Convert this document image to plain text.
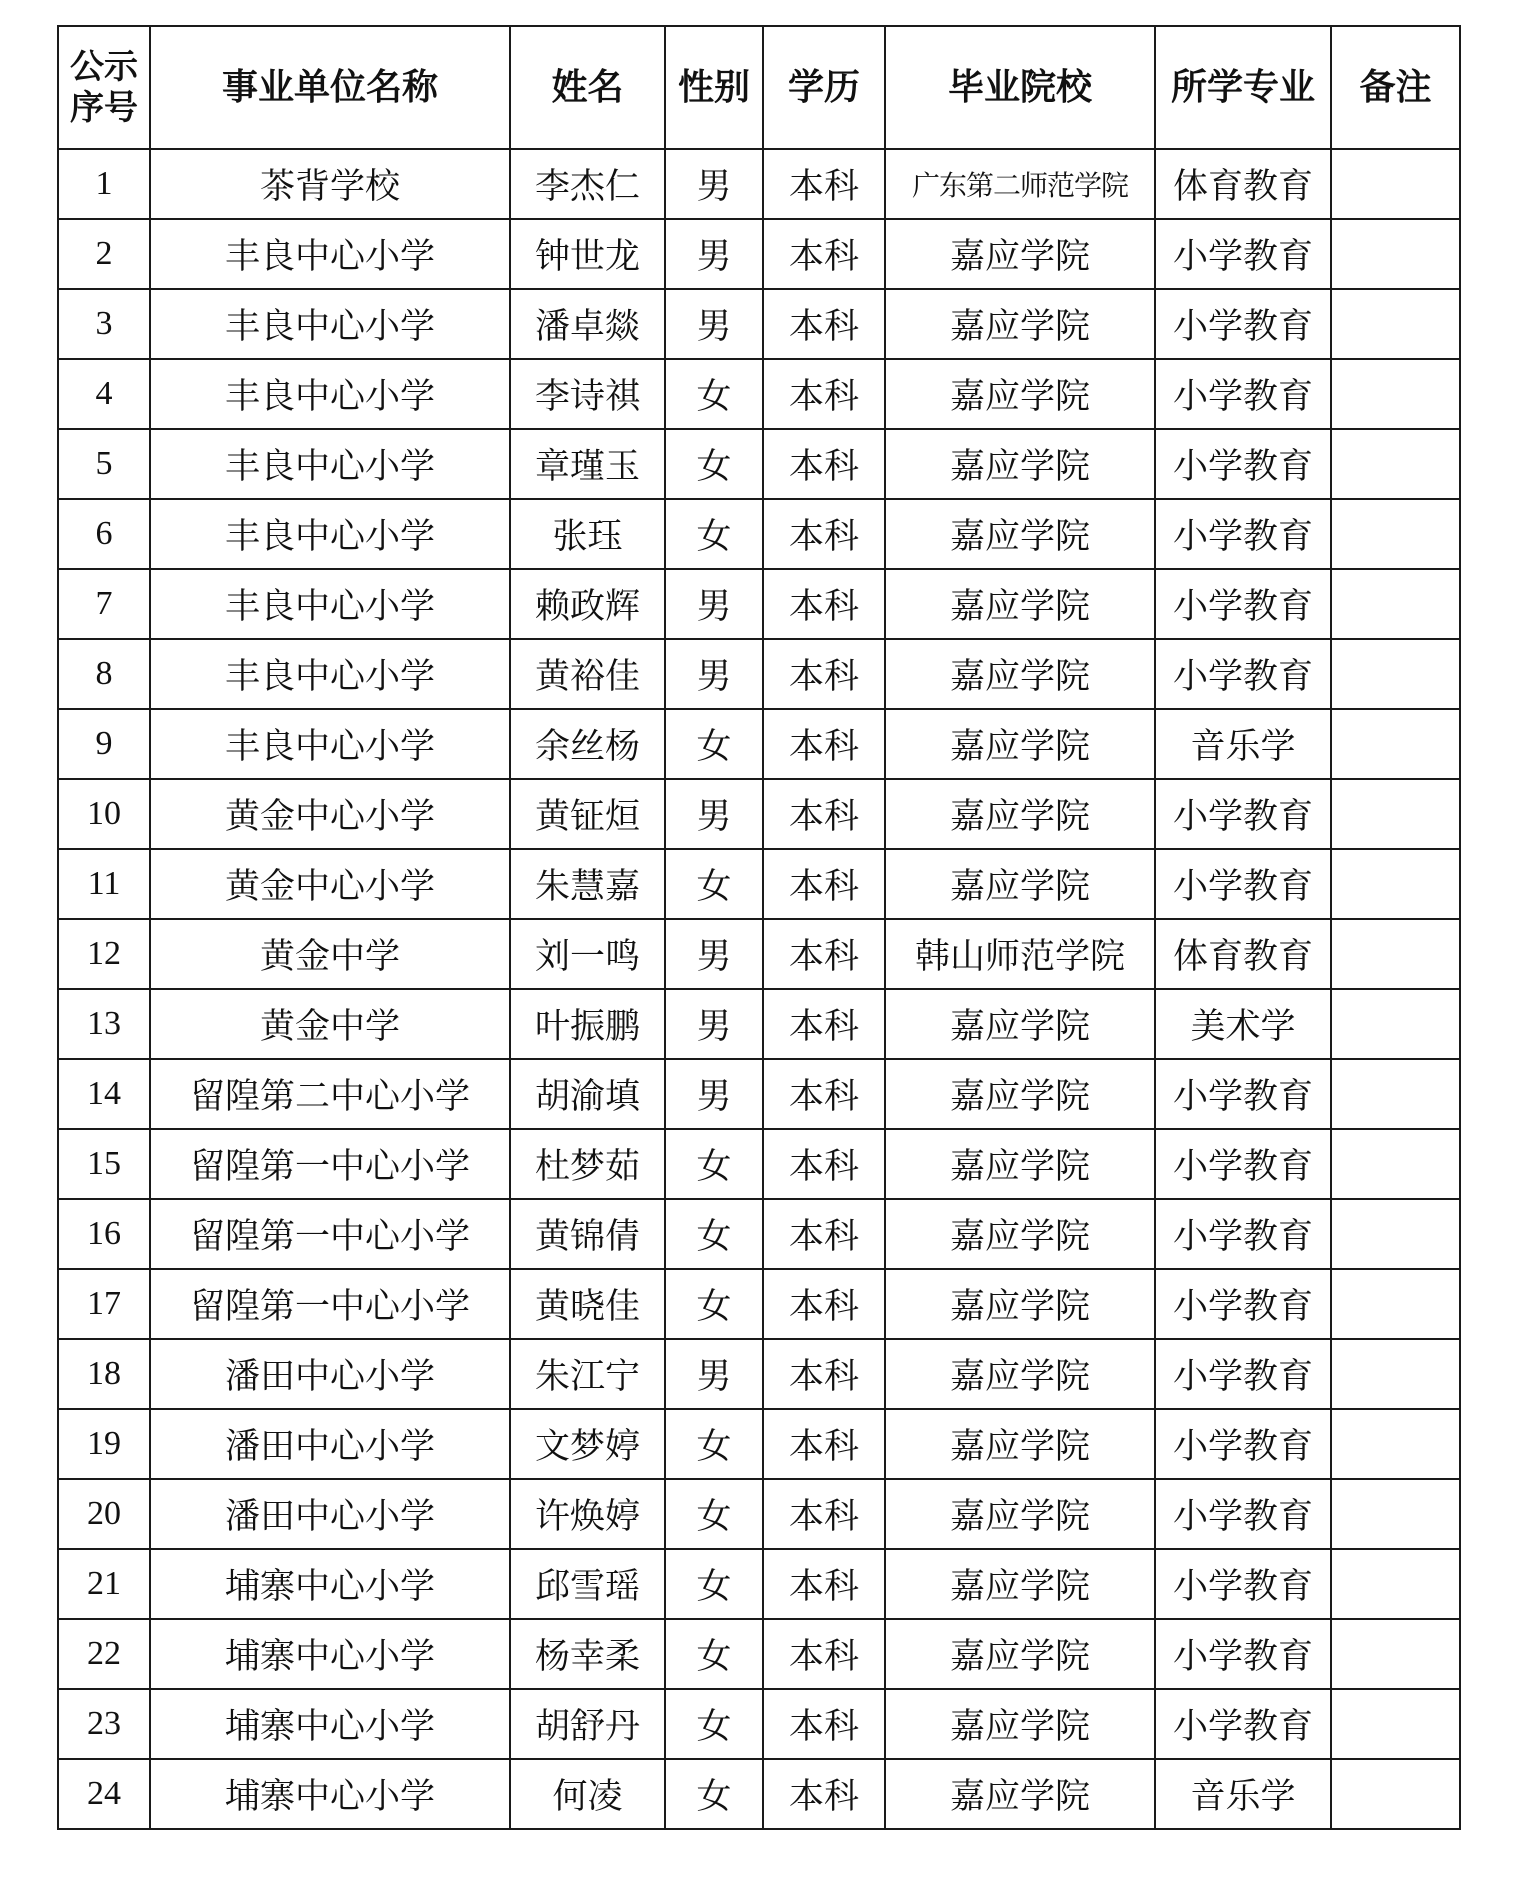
公示
序号	事业单位名称	姓名	性别	学历	毕业院校	所学专业	备注
1	茶背学校	李杰仁	男	本科	广东第二师范学院	体育教育	
2	丰良中心小学	钟世龙	男	本科	嘉应学院	小学教育	
3	丰良中心小学	潘卓燚	男	本科	嘉应学院	小学教育	
4	丰良中心小学	李诗祺	女	本科	嘉应学院	小学教育	
5	丰良中心小学	章瑾玉	女	本科	嘉应学院	小学教育	
6	丰良中心小学	张珏	女	本科	嘉应学院	小学教育	
7	丰良中心小学	赖政辉	男	本科	嘉应学院	小学教育	
8	丰良中心小学	黄裕佳	男	本科	嘉应学院	小学教育	
9	丰良中心小学	余丝杨	女	本科	嘉应学院	音乐学	
10	黄金中心小学	黄钲烜	男	本科	嘉应学院	小学教育	
11	黄金中心小学	朱慧嘉	女	本科	嘉应学院	小学教育	
12	黄金中学	刘一鸣	男	本科	韩山师范学院	体育教育	
13	黄金中学	叶振鹏	男	本科	嘉应学院	美术学	
14	留隍第二中心小学	胡渝填	男	本科	嘉应学院	小学教育	
15	留隍第一中心小学	杜梦茹	女	本科	嘉应学院	小学教育	
16	留隍第一中心小学	黄锦倩	女	本科	嘉应学院	小学教育	
17	留隍第一中心小学	黄晓佳	女	本科	嘉应学院	小学教育	
18	潘田中心小学	朱江宁	男	本科	嘉应学院	小学教育	
19	潘田中心小学	文梦婷	女	本科	嘉应学院	小学教育	
20	潘田中心小学	许焕婷	女	本科	嘉应学院	小学教育	
21	埔寨中心小学	邱雪瑶	女	本科	嘉应学院	小学教育	
22	埔寨中心小学	杨幸柔	女	本科	嘉应学院	小学教育	
23	埔寨中心小学	胡舒丹	女	本科	嘉应学院	小学教育	
24	埔寨中心小学	何凌	女	本科	嘉应学院	音乐学	
